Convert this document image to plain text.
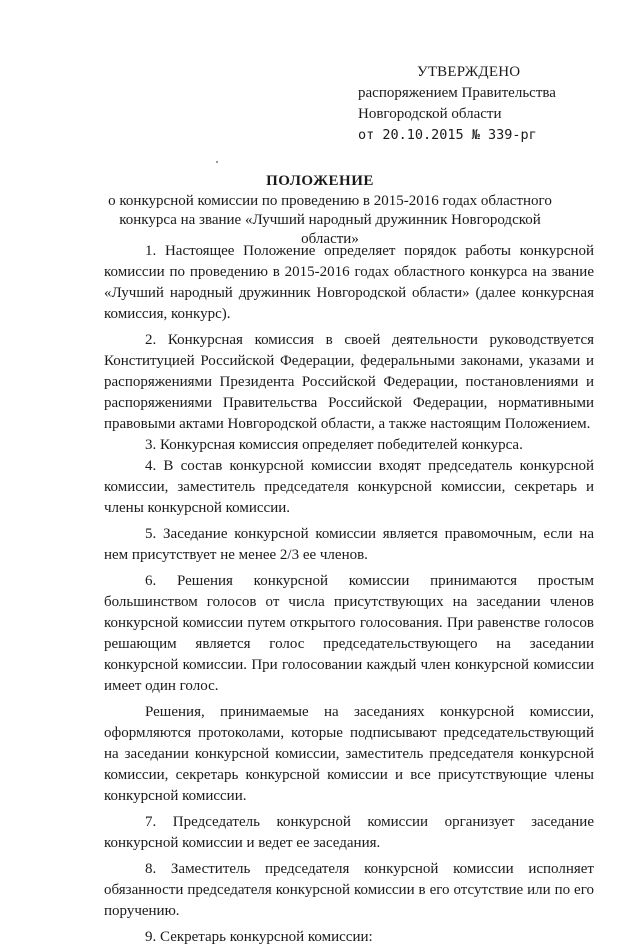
УТВЕРЖДЕНО
распоряжением Правительства
Новгородской области
от 20.10.2015 № 339-рг
ПОЛОЖЕНИЕ
о конкурсной комиссии по проведению в 2015-2016 годах областного конкурса на звание «Лучший народный дружинник Новгородской области»

1. Настоящее Положение определяет порядок работы конкурсной комиссии по проведению в 2015-2016 годах областного конкурса на звание «Лучший народный дружинник Новгородской области» (далее конкурсная комиссия, конкурс).

2. Конкурсная комиссия в своей деятельности руководствуется Конституцией Российской Федерации, федеральными законами, указами и распоряжениями Президента Российской Федерации, постановлениями и распоряжениями Правительства Российской Федерации, нормативными правовыми актами Новгородской области, а также настоящим Положением.

3. Конкурсная комиссия определяет победителей конкурса.

4. В состав конкурсной комиссии входят председатель конкурсной комиссии, заместитель председателя конкурсной комиссии, секретарь и члены конкурсной комиссии.

5. Заседание конкурсной комиссии является правомочным, если на нем присутствует не менее 2/3 ее членов.

6. Решения конкурсной комиссии принимаются простым большинством голосов от числа присутствующих на заседании членов конкурсной комиссии путем открытого голосования. При равенстве голосов решающим является голос председательствующего на заседании конкурсной комиссии. При голосовании каждый член конкурсной комиссии имеет один голос.

Решения, принимаемые на заседаниях конкурсной комиссии, оформляются протоколами, которые подписывают председательствующий на заседании конкурсной комиссии, заместитель председателя конкурсной комиссии, секретарь конкурсной комиссии и все присутствующие члены конкурсной комиссии.

7. Председатель конкурсной комиссии организует заседание конкурсной комиссии и ведет ее заседания.

8. Заместитель председателя конкурсной комиссии исполняет обязанности председателя конкурсной комиссии в его отсутствие или по его поручению.

9. Секретарь конкурсной комиссии:
